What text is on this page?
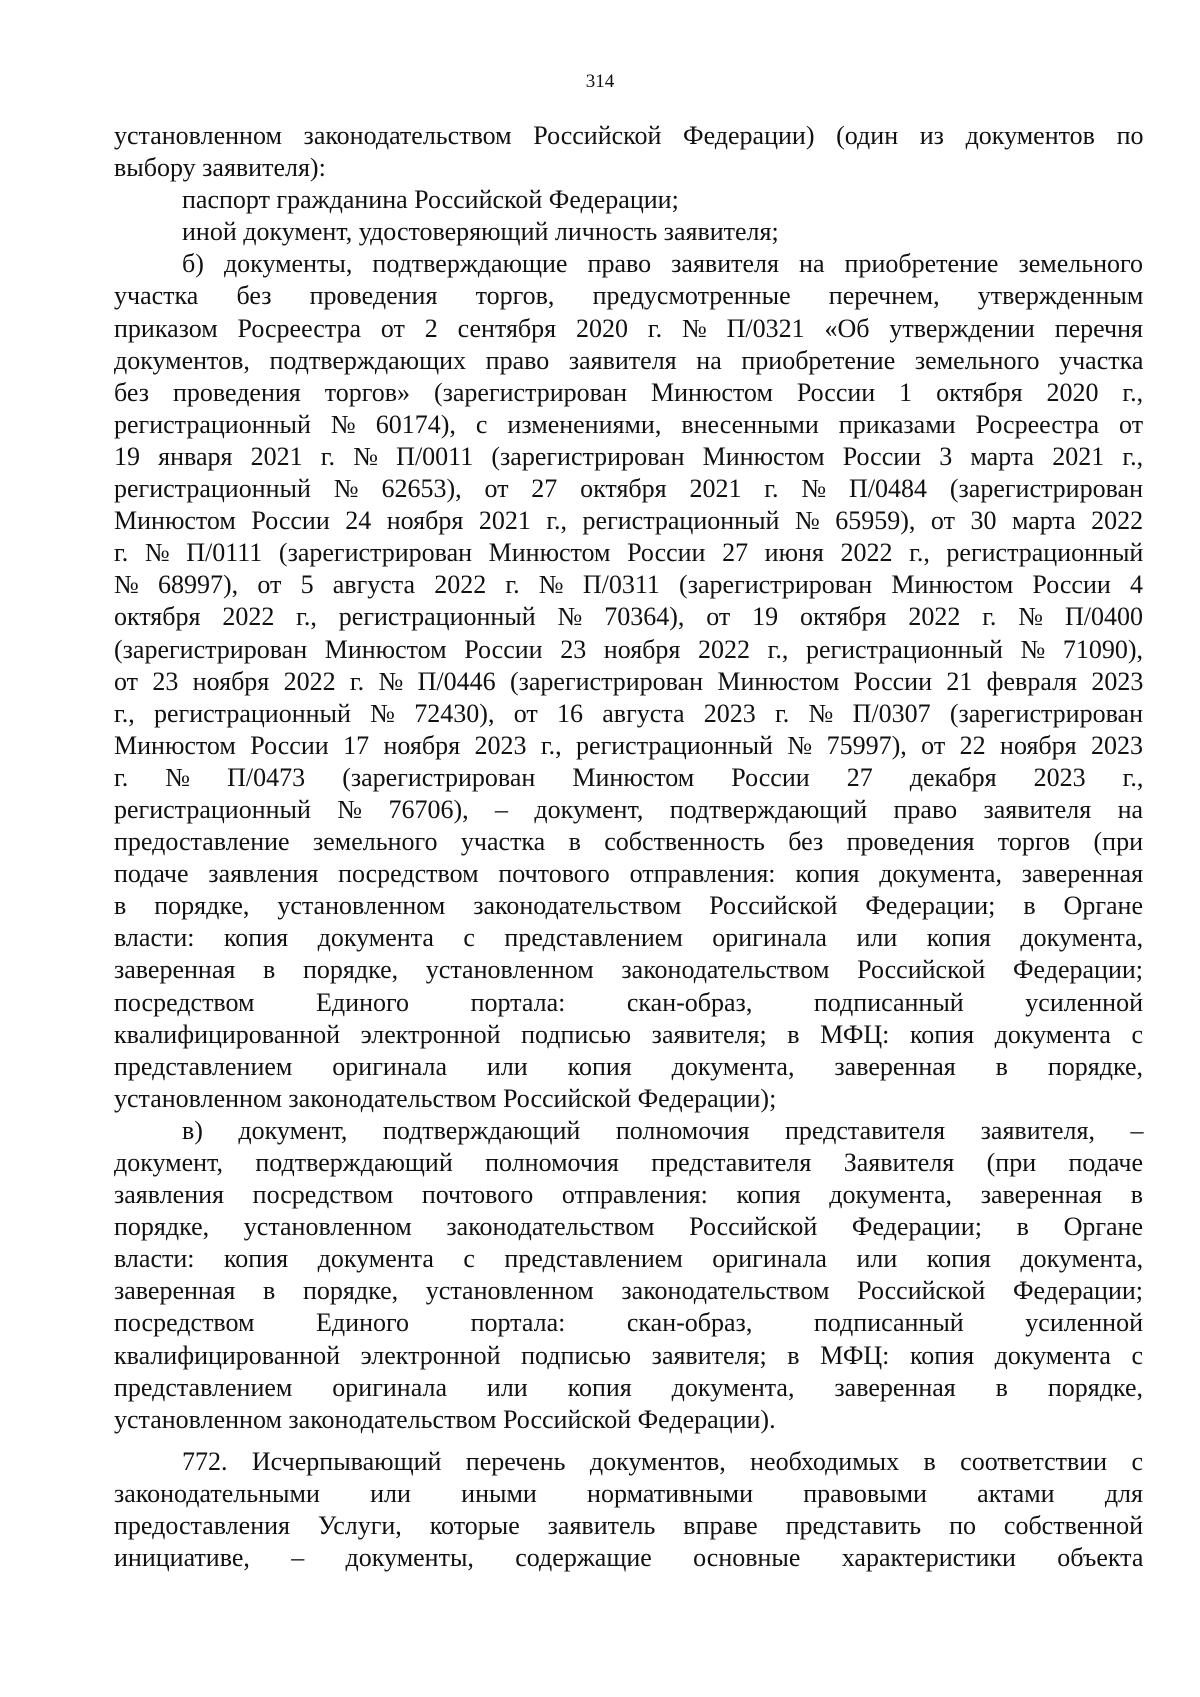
314
установленном законодательством Российской Федерации) (один из документов по
выбору заявителя):
паспорт гражданина Российской Федерации;
иной документ, удостоверяющий личность заявителя;
б) документы, подтверждающие право заявителя на приобретение земельного
участка без проведения торгов, предусмотренные перечнем, утвержденным
приказом Росреестра от 2 сентября 2020 г. № П/0321 «Об утверждении перечня
документов, подтверждающих право заявителя на приобретение земельного участка
без проведения торгов» (зарегистрирован Минюстом России 1 октября 2020 г.,
регистрационный № 60174), с изменениями, внесенными приказами Росреестра от
19 января 2021 г. № П/0011 (зарегистрирован Минюстом России 3 марта 2021 г.,
регистрационный № 62653), от 27 октября 2021 г. № П/0484 (зарегистрирован
Минюстом России 24 ноября 2021 г., регистрационный № 65959), от 30 марта 2022
г. № П/0111 (зарегистрирован Минюстом России 27 июня 2022 г., регистрационный
№ 68997), от 5 августа 2022 г. № П/0311 (зарегистрирован Минюстом России 4
октября 2022 г., регистрационный № 70364), от 19 октября 2022 г. № П/0400
(зарегистрирован Минюстом России 23 ноября 2022 г., регистрационный № 71090),
от 23 ноября 2022 г. № П/0446 (зарегистрирован Минюстом России 21 февраля 2023
г., регистрационный № 72430), от 16 августа 2023 г. № П/0307 (зарегистрирован
Минюстом России 17 ноября 2023 г., регистрационный № 75997), от 22 ноября 2023
г. № П/0473 (зарегистрирован Минюстом России 27 декабря 2023 г.,
регистрационный № 76706), – документ, подтверждающий право заявителя на
предоставление земельного участка в собственность без проведения торгов (при
подаче заявления посредством почтового отправления: копия документа, заверенная
в порядке, установленном законодательством Российской Федерации; в Органе
власти: копия документа с представлением оригинала или копия документа,
заверенная в порядке, установленном законодательством Российской Федерации;
посредством Единого портала: скан-образ, подписанный усиленной
квалифицированной электронной подписью заявителя; в МФЦ: копия документа с
представлением оригинала или копия документа, заверенная в порядке,
установленном законодательством Российской Федерации);
в) документ, подтверждающий полномочия представителя заявителя, –
документ, подтверждающий полномочия представителя Заявителя (при подаче
заявления посредством почтового отправления: копия документа, заверенная в
порядке, установленном законодательством Российской Федерации; в Органе
власти: копия документа с представлением оригинала или копия документа,
заверенная в порядке, установленном законодательством Российской Федерации;
посредством Единого портала: скан-образ, подписанный усиленной
квалифицированной электронной подписью заявителя; в МФЦ: копия документа с
представлением оригинала или копия документа, заверенная в порядке,
установленном законодательством Российской Федерации).
772. Исчерпывающий перечень документов, необходимых в соответствии с
законодательными или иными нормативными правовыми актами для
предоставления Услуги, которые заявитель вправе представить по собственной
инициативе, – документы, содержащие основные характеристики объекта
